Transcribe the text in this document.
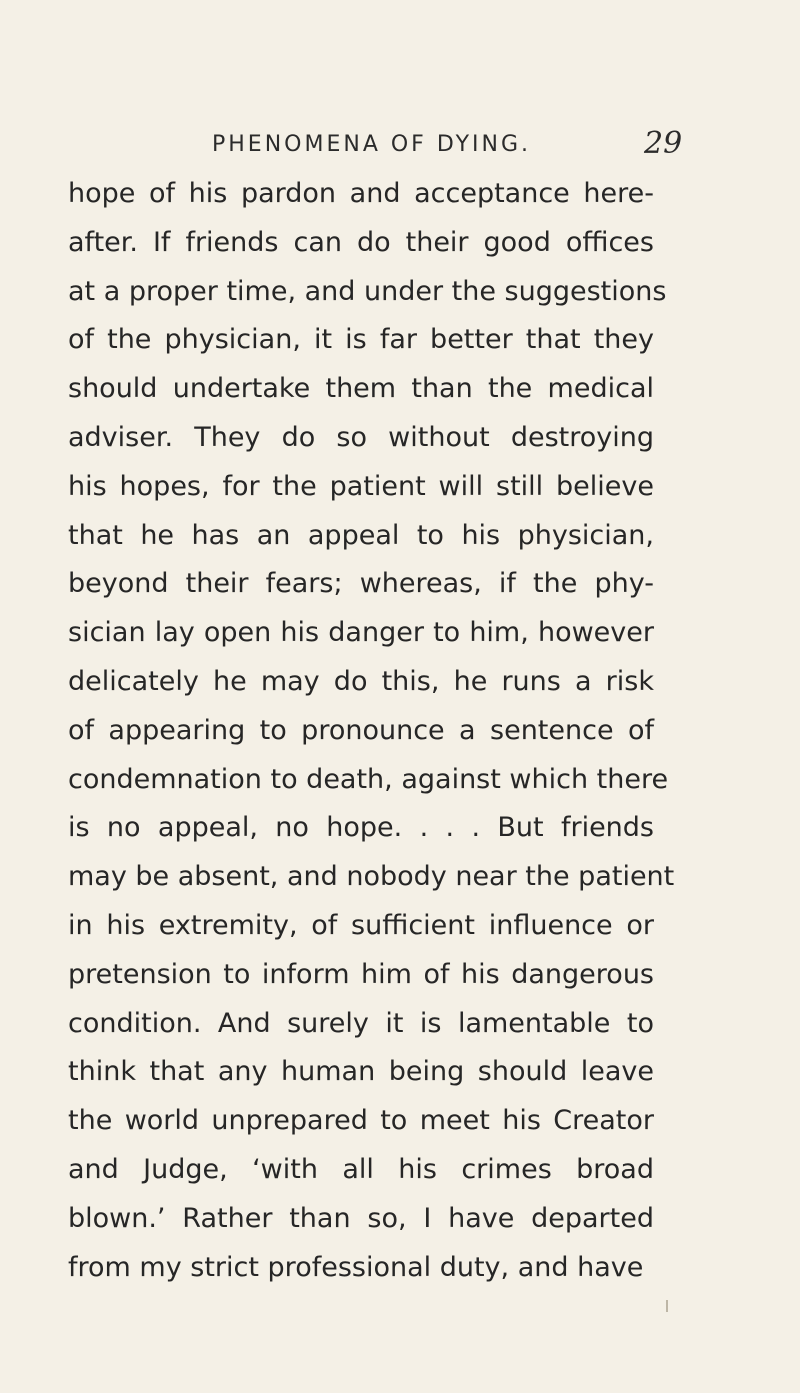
PHENOMENA OF DYING.	29
hope of his pardon and acceptance here-
after. If friends can do their good offices
at a proper time, and under the suggestions
of the physician, it is far better that they
should undertake them than the medical
adviser. They do so without destroying
his hopes, for the patient will still believe
that he has an appeal to his physician,
beyond their fears; whereas, if the phy-
sician lay open his danger to him, however
delicately he may do this, he runs a risk
of appearing to pronounce a sentence of
condemnation to death, against which there
is no appeal, no hope. . . . But friends
may be absent, and nobody near the patient
in his extremity, of sufficient influence or
pretension to inform him of his dangerous
condition. And surely it is lamentable to
think that any human being should leave
the world unprepared to meet his Creator
and Judge, ‘with all his crimes broad
blown.’ Rather than so, I have departed
from my strict professional duty, and have
